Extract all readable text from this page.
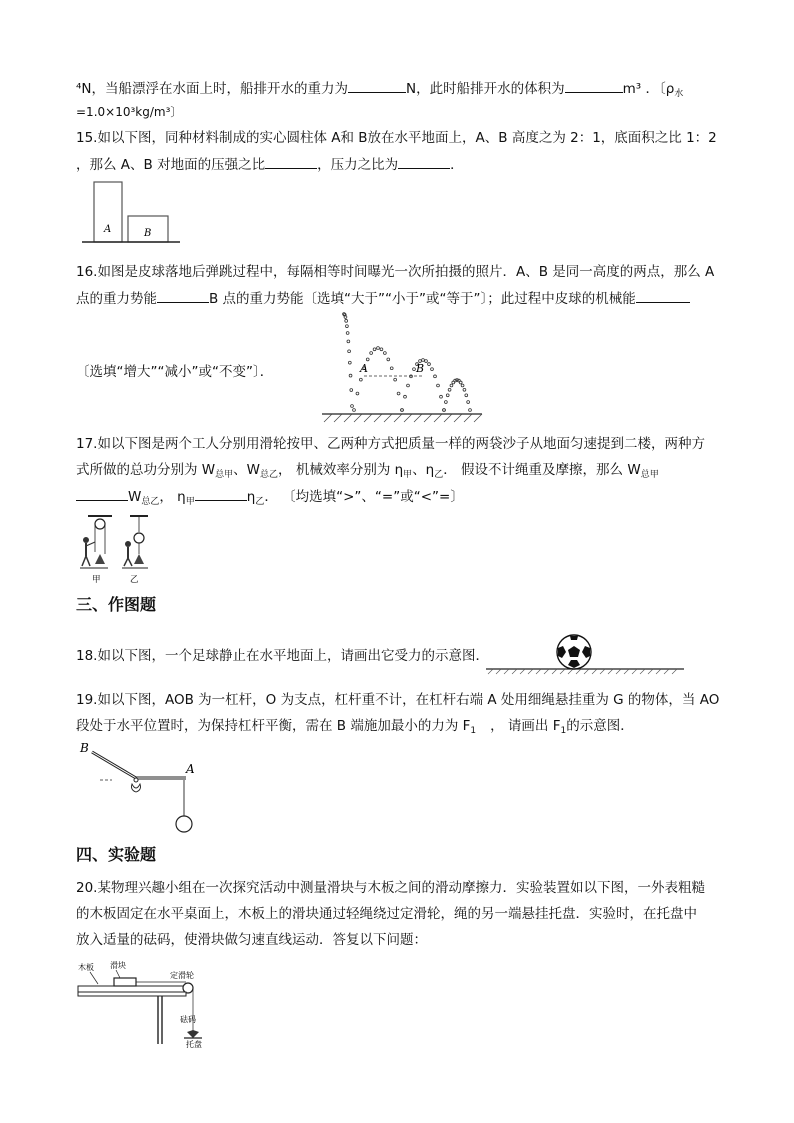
⁴N，当船漂浮在水面上时，船排开水的重力为	N，此时船排开水的体积为	m³ ．〔$\rho_水$
=1.0×10³kg/m³〕
15.如以下图，同种材料制成的实心圆柱体 A和 B放在水平地面上，A、B 高度之为 2：1，底面积之比 1：2
，那么 A、B 对地面的压强之比	，压力之比为	．
A	B
16.如图是皮球落地后弹跳过程中，每隔相等时间曝光一次所拍摄的照片．A、B 是同一高度的两点，那么 A
点的重力势能	B 点的重力势能〔选填“大于”“小于”或“等于”〕；此过程中皮球的机械能
〔选填“增大”“减小”或“不变”〕．	A	B
17.如以下图是两个工人分别用滑轮按甲、乙两种方式把质量一样的两袋沙子从地面匀速提到二楼，两种方
式所做的总功分别为 $W_{总甲}$、$W_{总乙}$， 机械效率分别为 $\eta_甲$、$\eta_乙$． 假设不计绳重及摩擦，那么 $W_{总甲}$
$W_{总乙}$， $\eta_甲$	$\eta_乙$． 〔均选填“>”、“=”或“<”=〕
甲	乙
三、作图题
18.如以下图，一个足球静止在水平地面上，请画出它受力的示意图．
19.如以下图，AOB 为一杠杆，O 为支点，杠杆重不计，在杠杆右端 A 处用细绳悬挂重为 G 的物体，当 AO
段处于水平位置时，为保持杠杆平衡，需在 B 端施加最小的力为 $F_1$ ， 请画出 $F_1$的示意图．
B
A
四、实验题
20.某物理兴趣小组在一次探究活动中测量滑块与木板之间的滑动摩擦力．实验装置如以下图，一外表粗糙
的木板固定在水平桌面上，木板上的滑块通过轻绳绕过定滑轮，绳的另一端悬挂托盘．实验时，在托盘中
放入适量的砝码，使滑块做匀速直线运动．答复以下问题：
木板 滑块
定滑轮
砝码
托盘
